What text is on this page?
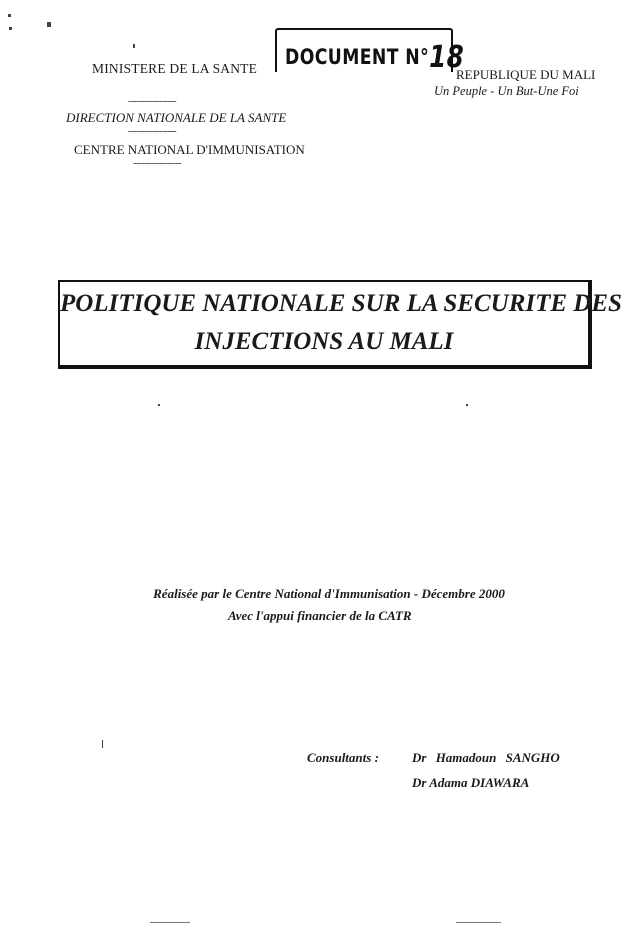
MINISTERE DE LA SANTE DOCUMENT N°18
REPUBLIQUE DU MALI
Un Peuple - Un But-Une Foi
-----------------
DIRECTION NATIONALE DE LA SANTE
-----------------
CENTRE NATIONAL D'IMMUNISATION
-----------------
POLITIQUE NATIONALE SUR LA SECURITE DES
INJECTIONS AU MALI
Réalisée par le Centre National d'Immunisation - Décembre 2000
Avec l'appui financier de la CATR
Consultants :	Dr Hamadoun SANGHO
Dr Adama DIAWARA
